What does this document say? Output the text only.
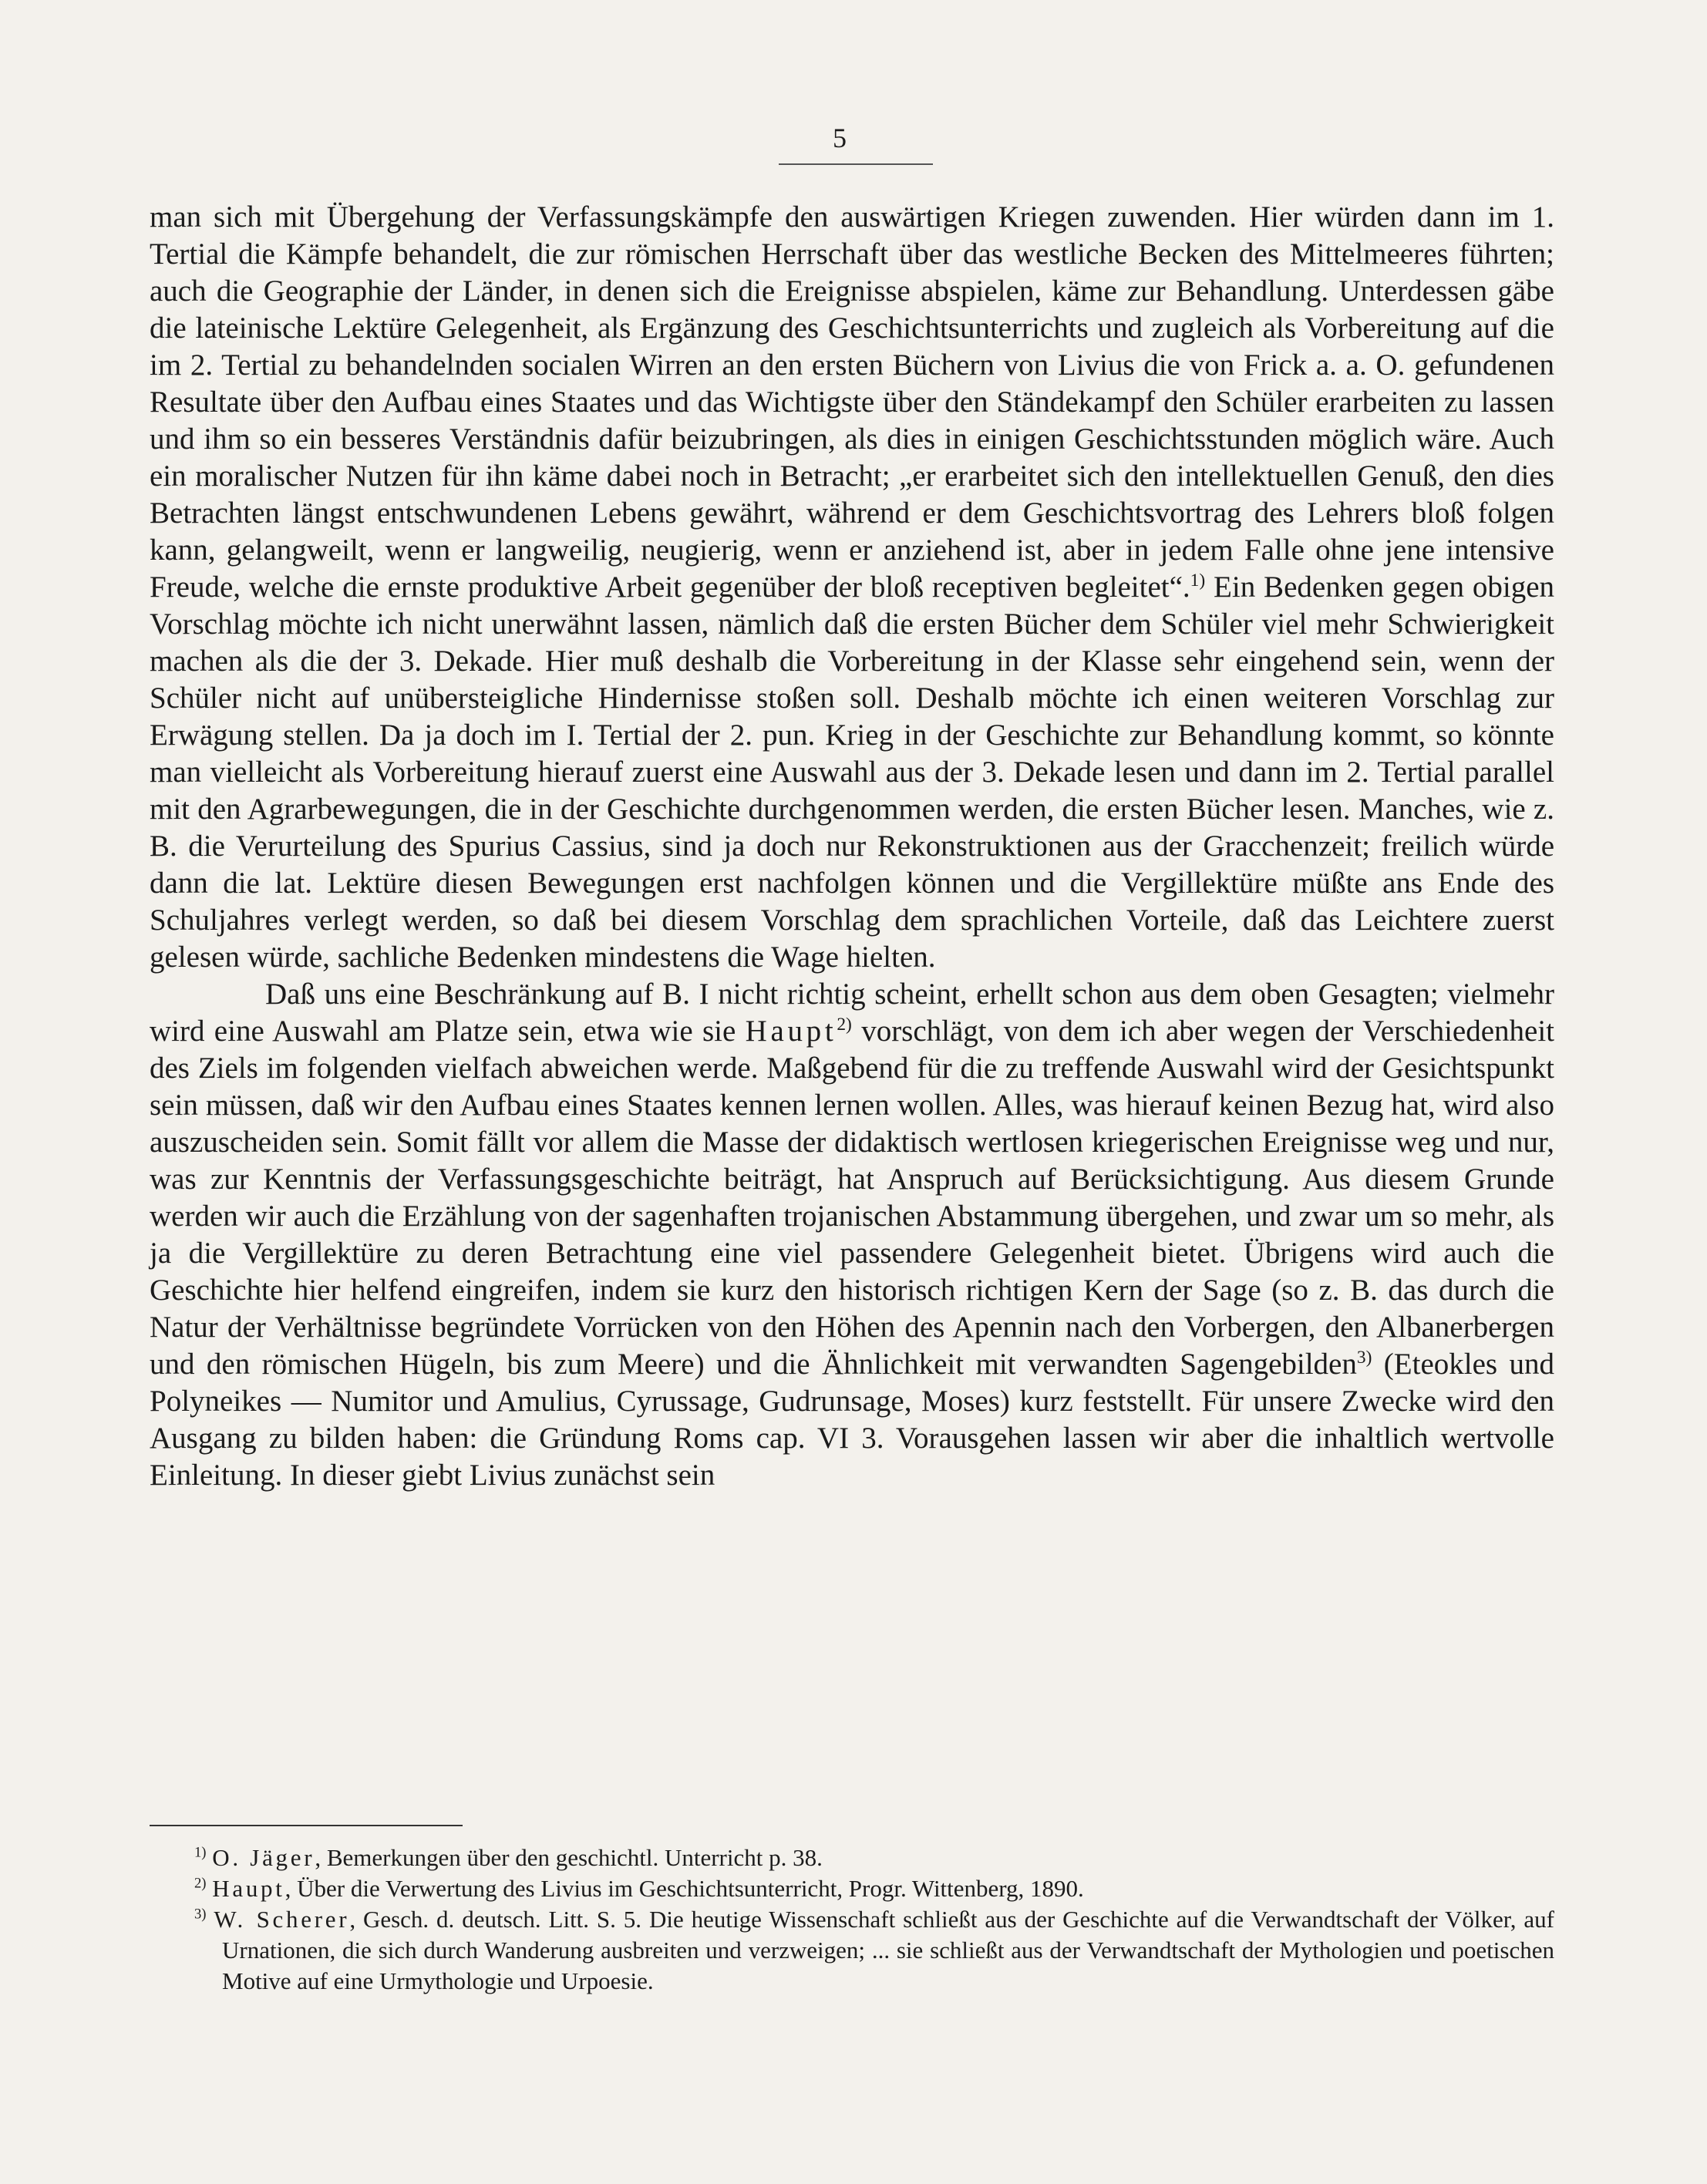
5

man sich mit Übergehung der Verfassungskämpfe den auswärtigen Kriegen zuwenden. Hier würden dann im 1. Tertial die Kämpfe behandelt, die zur römischen Herrschaft über das westliche Becken des Mittelmeeres führten; auch die Geographie der Länder, in denen sich die Ereignisse abspielen, käme zur Behandlung. Unterdessen gäbe die lateinische Lektüre Gelegenheit, als Ergänzung des Geschichtsunterrichts und zugleich als Vorbereitung auf die im 2. Tertial zu behandelnden socialen Wirren an den ersten Büchern von Livius die von Frick a. a. O. gefundenen Resultate über den Aufbau eines Staates und das Wichtigste über den Ständekampf den Schüler erarbeiten zu lassen und ihm so ein besseres Verständnis dafür beizubringen, als dies in einigen Geschichtsstunden möglich wäre. Auch ein moralischer Nutzen für ihn käme dabei noch in Betracht; „er erarbeitet sich den intellektuellen Genuß, den dies Betrachten längst entschwundenen Lebens gewährt, während er dem Geschichtsvortrag des Lehrers bloß folgen kann, gelangweilt, wenn er langweilig, neugierig, wenn er anziehend ist, aber in jedem Falle ohne jene intensive Freude, welche die ernste produktive Arbeit gegenüber der bloß receptiven begleitet“.$^{1)}$ Ein Bedenken gegen obigen Vorschlag möchte ich nicht unerwähnt lassen, nämlich daß die ersten Bücher dem Schüler viel mehr Schwierigkeit machen als die der 3. Dekade. Hier muß deshalb die Vorbereitung in der Klasse sehr eingehend sein, wenn der Schüler nicht auf unübersteigliche Hindernisse stoßen soll. Deshalb möchte ich einen weiteren Vorschlag zur Erwägung stellen. Da ja doch im I. Tertial der 2. pun. Krieg in der Geschichte zur Behandlung kommt, so könnte man vielleicht als Vorbereitung hierauf zuerst eine Auswahl aus der 3. Dekade lesen und dann im 2. Tertial parallel mit den Agrarbewegungen, die in der Geschichte durchgenommen werden, die ersten Bücher lesen. Manches, wie z. B. die Verurteilung des Spurius Cassius, sind ja doch nur Rekonstruktionen aus der Gracchenzeit; freilich würde dann die lat. Lektüre diesen Bewegungen erst nachfolgen können und die Vergillektüre müßte ans Ende des Schuljahres verlegt werden, so daß bei diesem Vorschlag dem sprachlichen Vorteile, daß das Leichtere zuerst gelesen würde, sachliche Bedenken mindestens die Wage hielten.

Daß uns eine Beschränkung auf B. I nicht richtig scheint, erhellt schon aus dem oben Gesagten; vielmehr wird eine Auswahl am Platze sein, etwa wie sie Haupt$^{2)}$ vorschlägt, von dem ich aber wegen der Verschiedenheit des Ziels im folgenden vielfach abweichen werde. Maßgebend für die zu treffende Auswahl wird der Gesichtspunkt sein müssen, daß wir den Aufbau eines Staates kennen lernen wollen. Alles, was hierauf keinen Bezug hat, wird also auszuscheiden sein. Somit fällt vor allem die Masse der didaktisch wertlosen kriegerischen Ereignisse weg und nur, was zur Kenntnis der Verfassungsgeschichte beiträgt, hat Anspruch auf Berücksichtigung. Aus diesem Grunde werden wir auch die Erzählung von der sagenhaften trojanischen Abstammung übergehen, und zwar um so mehr, als ja die Vergillektüre zu deren Betrachtung eine viel passendere Gelegenheit bietet. Übrigens wird auch die Geschichte hier helfend eingreifen, indem sie kurz den historisch richtigen Kern der Sage (so z. B. das durch die Natur der Verhältnisse begründete Vorrücken von den Höhen des Apennin nach den Vorbergen, den Albanerbergen und den römischen Hügeln, bis zum Meere) und die Ähnlichkeit mit verwandten Sagengebilden$^{3)}$ (Eteokles und Polyneikes — Numitor und Amulius, Cyrussage, Gudrunsage, Moses) kurz feststellt. Für unsere Zwecke wird den Ausgang zu bilden haben: die Gründung Roms cap. VI 3. Vorausgehen lassen wir aber die inhaltlich wertvolle Einleitung. In dieser giebt Livius zunächst sein

$^{1)}$ O. Jäger, Bemerkungen über den geschichtl. Unterricht p. 38.

$^{2)}$ Haupt, Über die Verwertung des Livius im Geschichtsunterricht, Progr. Wittenberg, 1890.

$^{3)}$ W. Scherer, Gesch. d. deutsch. Litt. S. 5. Die heutige Wissenschaft schließt aus der Geschichte auf die Verwandtschaft der Völker, auf Urnationen, die sich durch Wanderung ausbreiten und verzweigen; ... sie schließt aus der Verwandtschaft der Mythologien und poetischen Motive auf eine Urmythologie und Urpoesie.
